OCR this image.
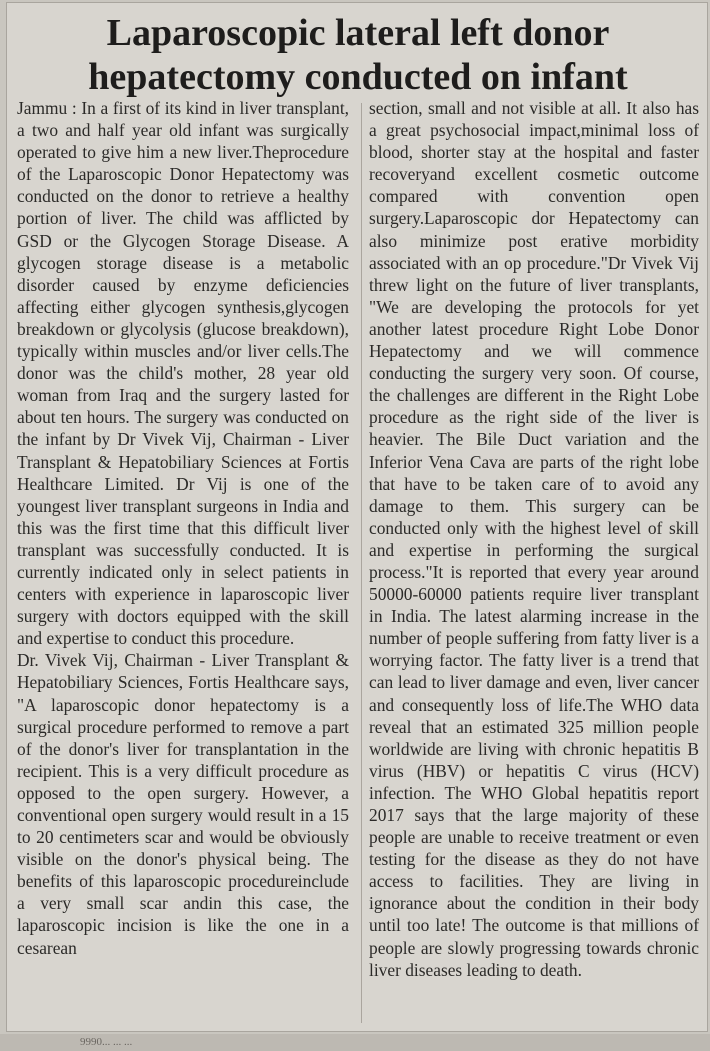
Laparoscopic lateral left donor
hepatectomy conducted on infant

Jammu : In a first of its kind in liver transplant, a two and half year old infant was surgically operated to give him a new liver.Theprocedure of the Laparoscopic Donor Hepatectomy was conducted on the donor to retrieve a healthy portion of liver. The child was afflicted by GSD or the Glycogen Storage Disease. A glycogen storage disease is a metabolic disorder caused by enzyme deficiencies affecting either glycogen synthesis,glycogen breakdown or glycolysis (glucose breakdown), typically within muscles and/or liver cells.The donor was the child's mother, 28 year old woman from Iraq and the surgery lasted for about ten hours. The surgery was conducted on the infant by Dr Vivek Vij, Chairman - Liver Transplant & Hepatobiliary Sciences at Fortis Healthcare Limited. Dr Vij is one of the youngest liver transplant surgeons in India and this was the first time that this difficult liver transplant was successfully conducted. It is currently indicated only in select patients in centers with experience in laparoscopic liver surgery with doctors equipped with the skill and expertise to conduct this procedure.

Dr. Vivek Vij, Chairman - Liver Transplant & Hepatobiliary Sciences, Fortis Healthcare says, "A laparoscopic donor hepatectomy is a surgical procedure performed to remove a part of the donor's liver for transplantation in the recipient. This is a very difficult procedure as opposed to the open surgery. However, a conventional open surgery would result in a 15 to 20 centimeters scar and would be obviously visible on the donor's physical being. The benefits of this laparoscopic procedureinclude a very small scar andin this case, the laparoscopic incision is like the one in a cesarean

section, small and not visible at all. It also has a great psychosocial impact,minimal loss of blood, shorter stay at the hospital and faster recoveryand excellent cosmetic outcome compared with convention open surgery.Laparoscopic dor Hepatectomy can also minimize post erative morbidity associated with an op procedure."Dr Vivek Vij threw light on the future of liver transplants, "We are developing the protocols for yet another latest procedure Right Lobe Donor Hepatectomy and we will commence conducting the surgery very soon. Of course, the challenges are different in the Right Lobe procedure as the right side of the liver is heavier. The Bile Duct variation and the Inferior Vena Cava are parts of the right lobe that have to be taken care of to avoid any damage to them. This surgery can be conducted only with the highest level of skill and expertise in performing the surgical process."It is reported that every year around 50000-60000 patients require liver transplant in India. The latest alarming increase in the number of people suffering from fatty liver is a worrying factor. The fatty liver is a trend that can lead to liver damage and even, liver cancer and consequently loss of life.The WHO data reveal that an estimated 325 million people worldwide are living with chronic hepatitis B virus (HBV) or hepatitis C virus (HCV) infection. The WHO Global hepatitis report 2017 says that the large majority of these people are unable to receive treatment or even testing for the disease as they do not have access to facilities. They are living in ignorance about the condition in their body until too late! The outcome is that millions of people are slowly progressing towards chronic liver diseases leading to death.

9990... ... ...
